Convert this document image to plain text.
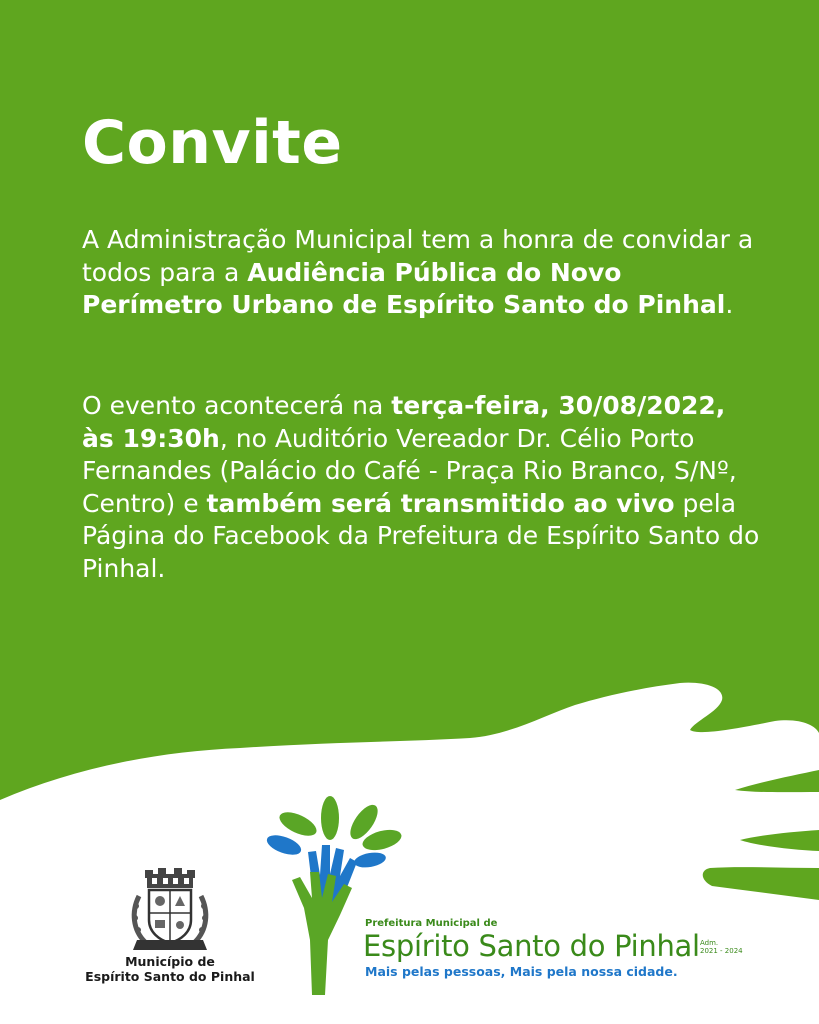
Convite

A Administração Municipal tem a honra de convidar a todos para a Audiência Pública do Novo Perímetro Urbano de Espírito Santo do Pinhal.

O evento acontecerá na terça-feira, 30/08/2022, às 19:30h, no Auditório Vereador Dr. Célio Porto Fernandes (Palácio do Café - Praça Rio Branco, S/Nº, Centro) e também será transmitido ao vivo pela Página do Facebook da Prefeitura de Espírito Santo do Pinhal.

Município de
Espírito Santo do Pinhal
Prefeitura Municipal de
Espírito Santo do Pinhal Adm.
2021 - 2024
Mais pelas pessoas, Mais pela nossa cidade.
